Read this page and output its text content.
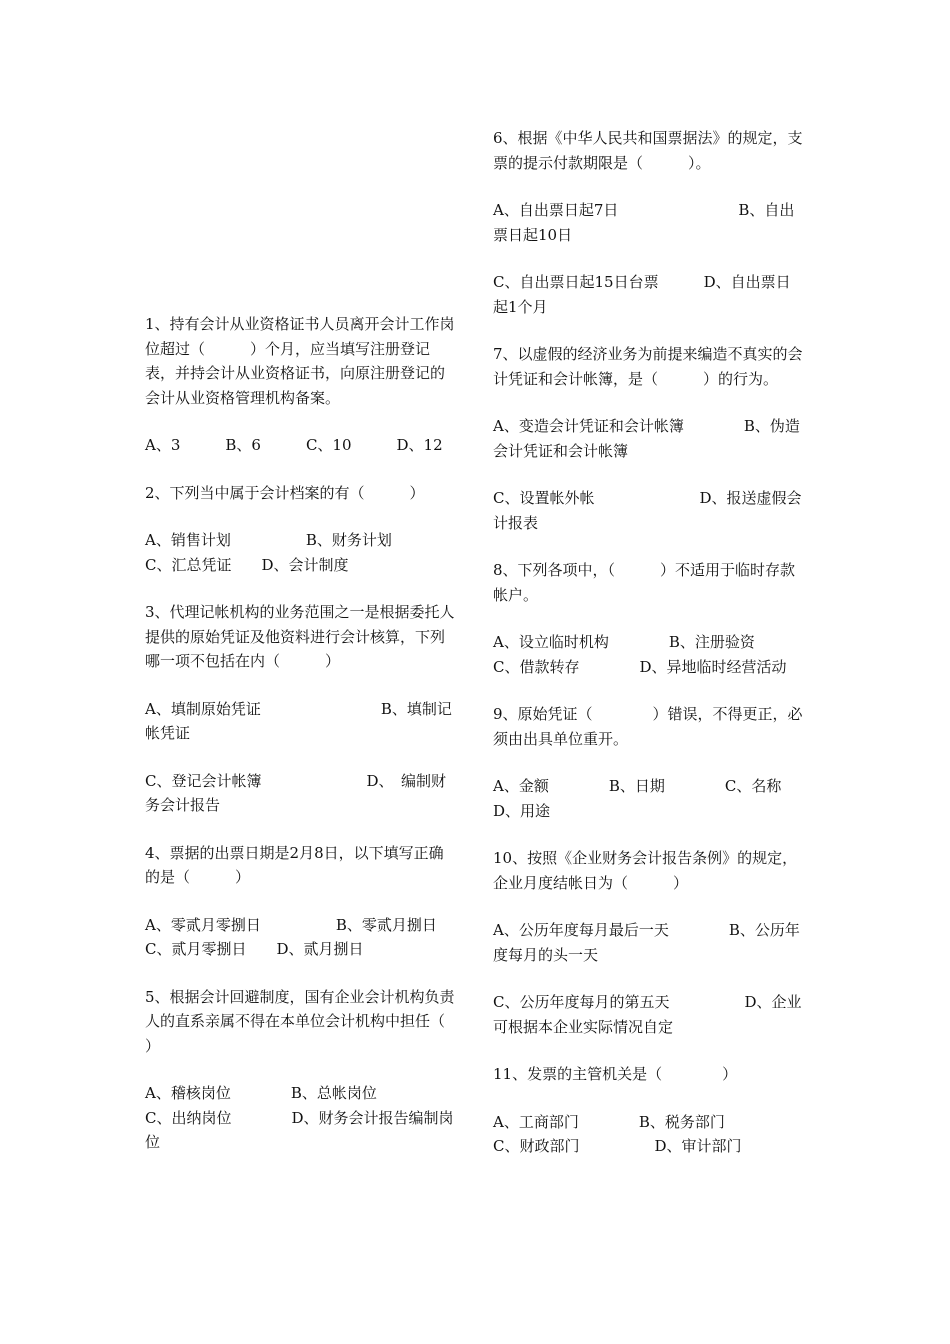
1、持有会计从业资格证书人员离开会计工作岗位超过（　　　）个月，应当填写注册登记表，并持会计从业资格证书，向原注册登记的会计从业资格管理机构备案。

A、3　　　B、6　　　C、10　　　D、12

2、下列当中属于会计档案的有（　　　）

A、销售计划　　　　　B、财务计划　　　　　　C、汇总凭证　　D、会计制度

3、代理记帐机构的业务范围之一是根据委托人提供的原始凭证及他资料进行会计核算，下列哪一项不包括在内（　　　）

A、填制原始凭证　　　　　　　　B、填制记帐凭证

C、登记会计帐簿　　　　　　　D、　编制财务会计报告

4、票据的出票日期是2月8日，以下填写正确的是（　　　）

A、零贰月零捌日　　　　　B、零贰月捌日　　　　C、贰月零捌日　　D、贰月捌日

5、根据会计回避制度，国有企业会计机构负责人的直系亲属不得在本单位会计机构中担任（　　　）

A、稽核岗位　　　　B、总帐岗位

C、出纳岗位　　　　D、财务会计报告编制岗位

6、根据《中华人民共和国票据法》的规定，支票的提示付款期限是（　　　）。

A、自出票日起7日　　　　　　　　B、自出票日起10日

C、自出票日起15日台票　　　D、自出票日起1个月

7、以虚假的经济业务为前提来编造不真实的会计凭证和会计帐簿，是（　　　）的行为。

A、变造会计凭证和会计帐簿　　　　B、伪造会计凭证和会计帐簿

C、设置帐外帐　　　　　　　D、报送虚假会计报表

8、下列各项中，（　　　）不适用于临时存款帐户。

A、设立临时机构　　　　B、注册验资　　　　C、借款转存　　　　D、异地临时经营活动

9、原始凭证（　　　　）错误，不得更正，必须由出具单位重开。

A、金额　　　　B、日期　　　　C、名称　　　　D、用途

10、按照《企业财务会计报告条例》的规定，企业月度结帐日为（　　　）

A、公历年度每月最后一天　　　　B、公历年度每月的头一天

C、公历年度每月的第五天　　　　　D、企业可根据本企业实际情况自定

11、发票的主管机关是（　　　　）

A、工商部门　　　　B、税务部门　　　　　　C、财政部门　　　　　D、审计部门
